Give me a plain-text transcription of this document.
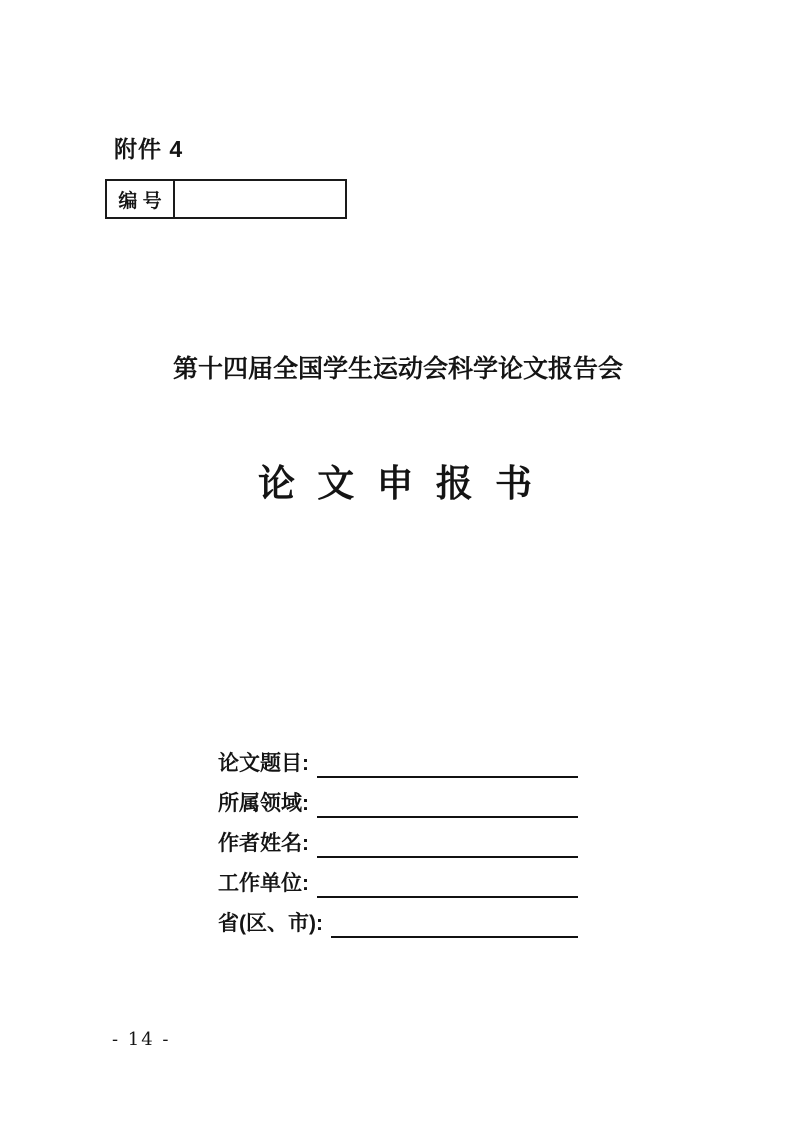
附件 4
编 号
第十四届全国学生运动会科学论文报告会
论 文 申 报 书
论文题目:
所属领域:
作者姓名:
工作单位:
省(区、市):
- 14 -
